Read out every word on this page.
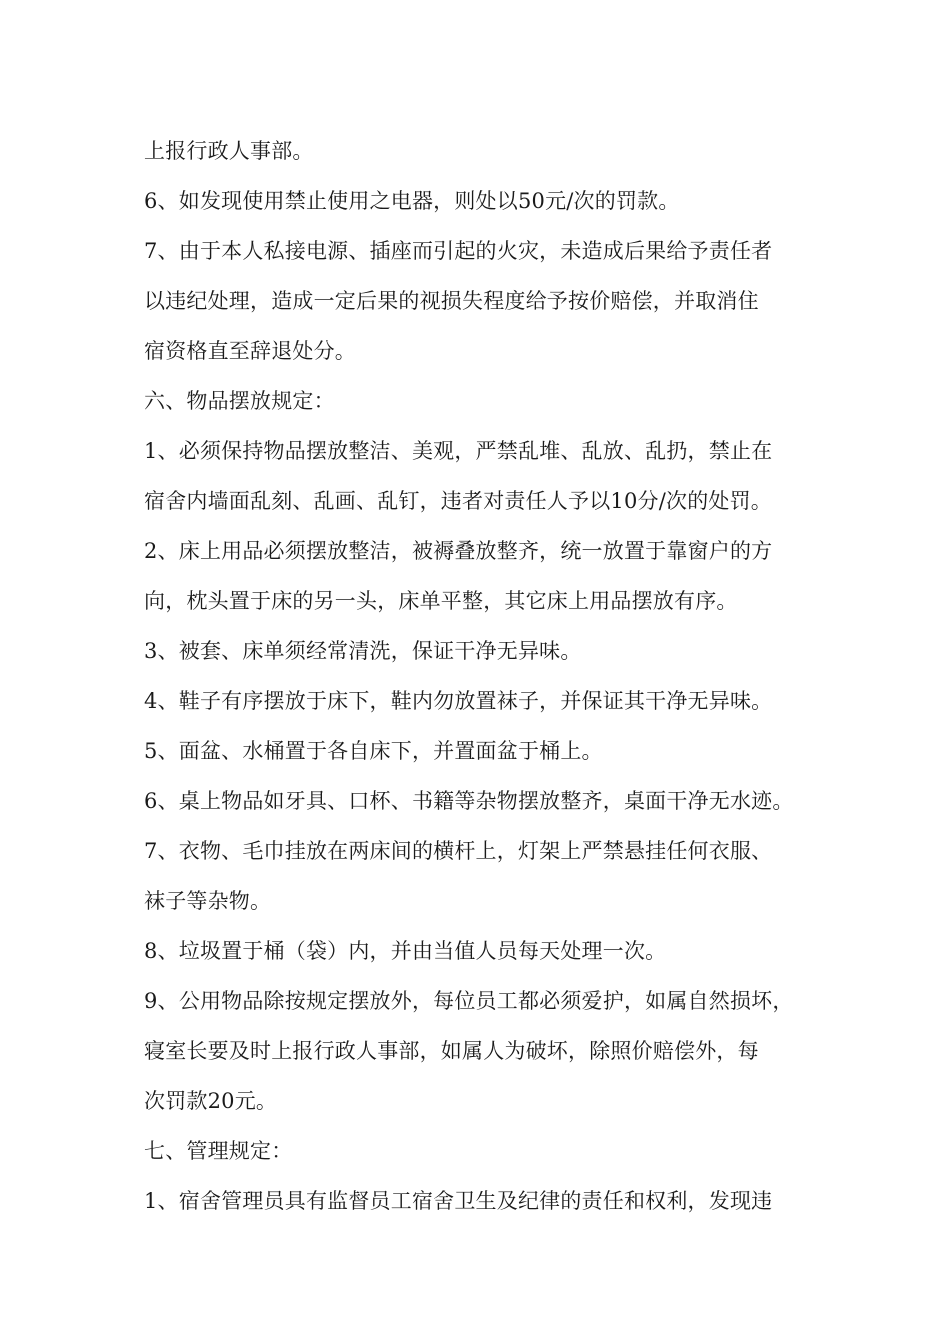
上报行政人事部。
6、如发现使用禁止使用之电器，则处以50元/次的罚款。
7、由于本人私接电源、插座而引起的火灾，未造成后果给予责任者
以违纪处理，造成一定后果的视损失程度给予按价赔偿，并取消住
宿资格直至辞退处分。
六、物品摆放规定：
1、必须保持物品摆放整洁、美观，严禁乱堆、乱放、乱扔，禁止在
宿舍内墙面乱刻、乱画、乱钉，违者对责任人予以10分/次的处罚。
2、床上用品必须摆放整洁，被褥叠放整齐，统一放置于靠窗户的方
向，枕头置于床的另一头，床单平整，其它床上用品摆放有序。
3、被套、床单须经常清洗，保证干净无异味。
4、鞋子有序摆放于床下，鞋内勿放置袜子，并保证其干净无异味。
5、面盆、水桶置于各自床下，并置面盆于桶上。
6、桌上物品如牙具、口杯、书籍等杂物摆放整齐，桌面干净无水迹。
7、衣物、毛巾挂放在两床间的横杆上，灯架上严禁悬挂任何衣服、
袜子等杂物。
8、垃圾置于桶（袋）内，并由当值人员每天处理一次。
9、公用物品除按规定摆放外，每位员工都必须爱护，如属自然损坏，
寝室长要及时上报行政人事部，如属人为破坏，除照价赔偿外，每
次罚款20元。
七、管理规定：
1、宿舍管理员具有监督员工宿舍卫生及纪律的责任和权利，发现违
